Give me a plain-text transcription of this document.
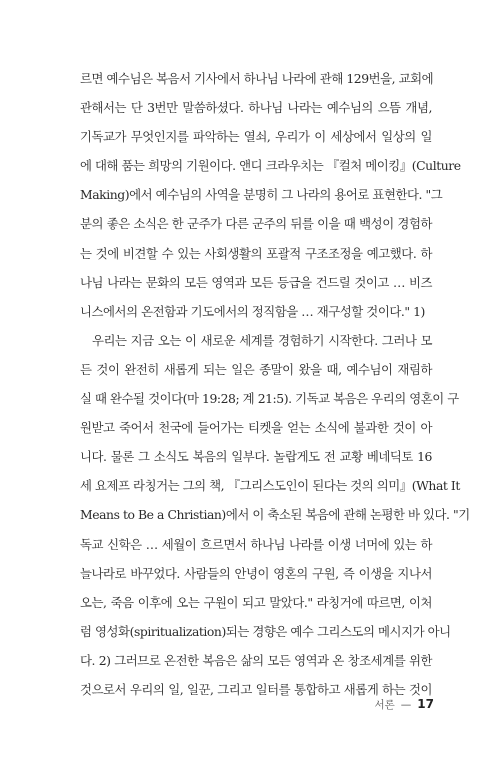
르면 예수님은 복음서 기사에서 하나님 나라에 관해 129번을, 교회에
관해서는 단 3번만 말씀하셨다. 하나님 나라는 예수님의 으뜸 개념,
기독교가 무엇인지를 파악하는 열쇠, 우리가 이 세상에서 일상의 일
에 대해 품는 희망의 기원이다. 앤디 크라우치는 『컬처 메이킹』(Culture
Making)에서 예수님의 사역을 분명히 그 나라의 용어로 표현한다. "그
분의 좋은 소식은 한 군주가 다른 군주의 뒤를 이을 때 백성이 경험하
는 것에 비견할 수 있는 사회생활의 포괄적 구조조정을 예고했다. 하
나님 나라는 문화의 모든 영역과 모든 등급을 건드릴 것이고 … 비즈
니스에서의 온전함과 기도에서의 정직함을 … 재구성할 것이다." 1)
우리는 지금 오는 이 새로운 세계를 경험하기 시작한다. 그러나 모
든 것이 완전히 새롭게 되는 일은 종말이 왔을 때, 예수님이 재림하
실 때 완수될 것이다(마 19:28; 계 21:5). 기독교 복음은 우리의 영혼이 구
원받고 죽어서 천국에 들어가는 티켓을 얻는 소식에 불과한 것이 아
니다. 물론 그 소식도 복음의 일부다. 놀랍게도 전 교황 베네딕토 16
세 요제프 라칭거는 그의 책, 『그리스도인이 된다는 것의 의미』(What It
Means to Be a Christian)에서 이 축소된 복음에 관해 논평한 바 있다. "기
독교 신학은 … 세월이 흐르면서 하나님 나라를 이생 너머에 있는 하
늘나라로 바꾸었다. 사람들의 안녕이 영혼의 구원, 즉 이생을 지나서
오는, 죽음 이후에 오는 구원이 되고 말았다." 라칭거에 따르면, 이처
럼 영성화(spiritualization)되는 경향은 예수 그리스도의 메시지가 아니
다. 2) 그러므로 온전한 복음은 삶의 모든 영역과 온 창조세계를 위한
것으로서 우리의 일, 일꾼, 그리고 일터를 통합하고 새롭게 하는 것이
서론 — 17
